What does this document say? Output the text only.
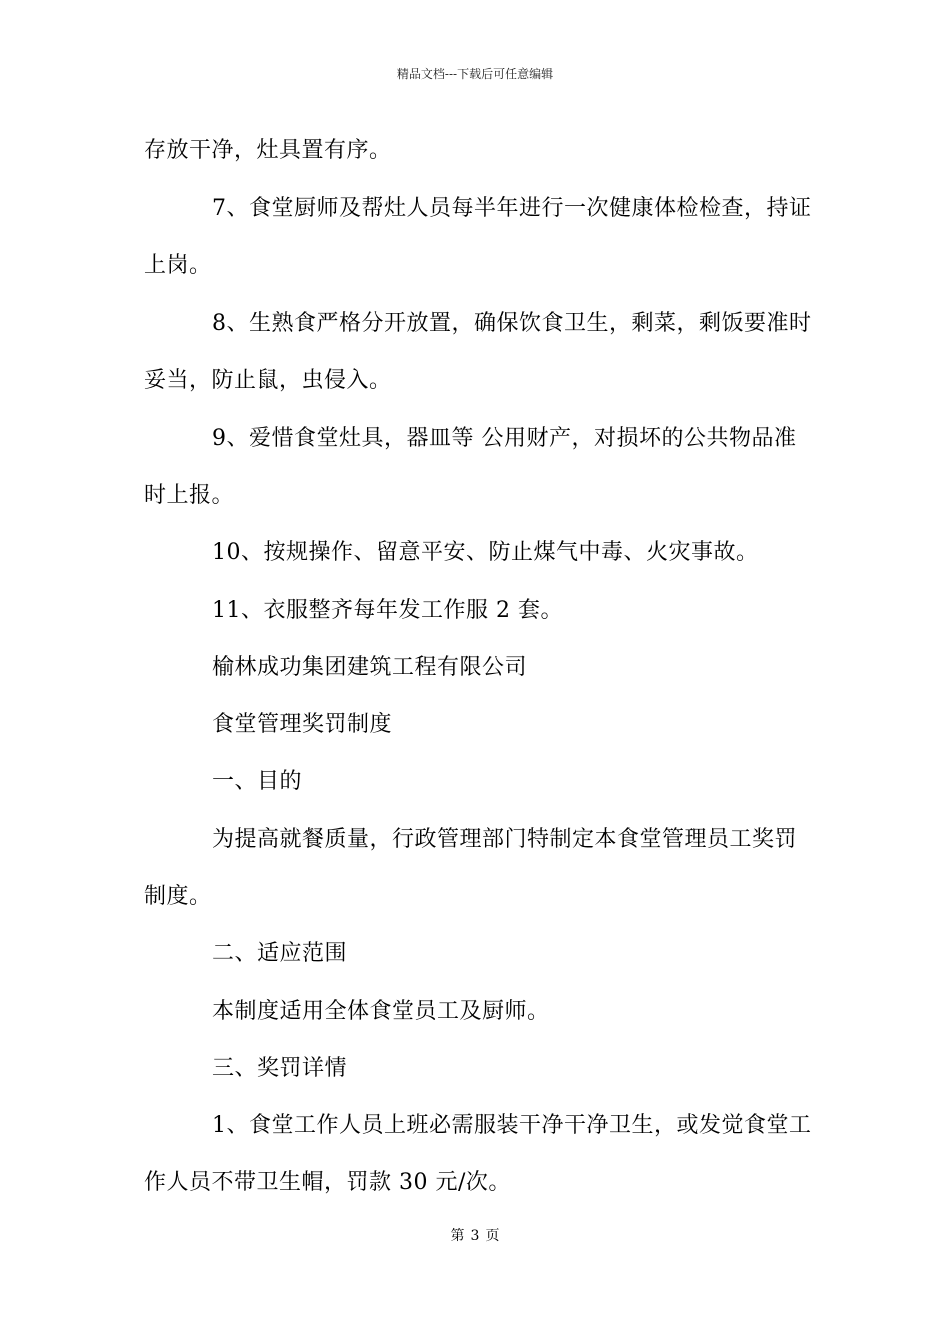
精品文档---下载后可任意编辑
存放干净，灶具置有序。
7、食堂厨师及帮灶人员每半年进行一次健康体检检查，持证
上岗。
8、生熟食严格分开放置，确保饮食卫生，剩菜，剩饭要准时
妥当，防止鼠，虫侵入。
9、爱惜食堂灶具，器皿等 公用财产，对损坏的公共物品准
时上报。
10、按规操作、留意平安、防止煤气中毒、火灾事故。
11、衣服整齐每年发工作服 2 套。
榆林成功集团建筑工程有限公司
食堂管理奖罚制度
一、目的
为提高就餐质量，行政管理部门特制定本食堂管理员工奖罚
制度。
二、适应范围
本制度适用全体食堂员工及厨师。
三、奖罚详情
1、食堂工作人员上班必需服装干净干净卫生，或发觉食堂工
作人员不带卫生帽，罚款 30 元/次。
第 3 页
